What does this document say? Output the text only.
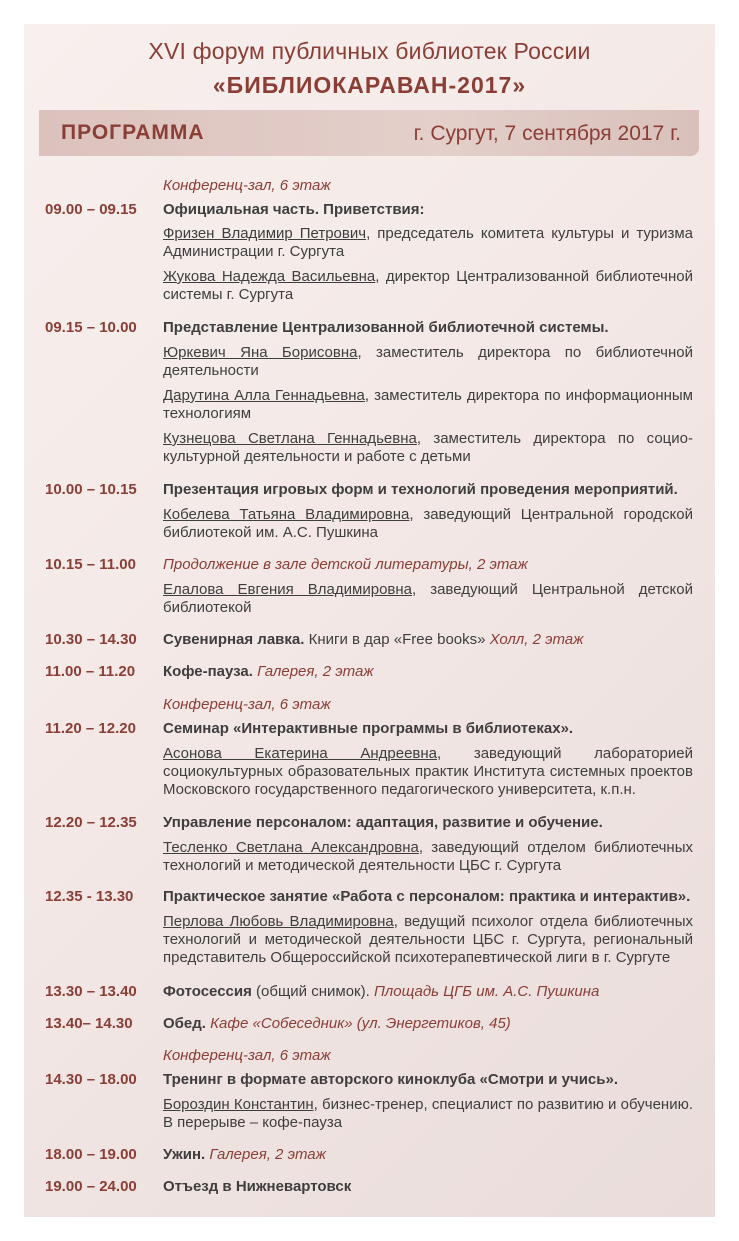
XVI форум публичных библиотек России
«БИБЛИОКАРАВАН-2017»
ПРОГРАММА	г. Сургут, 7 сентября 2017 г.
Конференц-зал, 6 этаж
09.00 – 09.15 Официальная часть. Приветствия:
Фризен Владимир Петрович, председатель комитета культуры и туризма Администрации г. Сургута
Жукова Надежда Васильевна, директор Централизованной библиотечной системы г. Сургута
09.15 – 10.00 Представление Централизованной библиотечной системы.
Юркевич Яна Борисовна, заместитель директора по библиотечной деятельности
Дарутина Алла Геннадьевна, заместитель директора по информационным технологиям
Кузнецова Светлана Геннадьевна, заместитель директора по социо-культурной деятельности и работе с детьми
10.00 – 10.15 Презентация игровых форм и технологий проведения мероприятий.
Кобелева Татьяна Владимировна, заведующий Центральной городской библиотекой им. А.С. Пушкина
10.15 – 11.00 Продолжение в зале детской литературы, 2 этаж
Елалова Евгения Владимировна, заведующий Центральной детской библиотекой
10.30 – 14.30 Сувенирная лавка. Книги в дар «Free books» Холл, 2 этаж
11.00 – 11.20 Кофе-пауза. Галерея, 2 этаж
Конференц-зал, 6 этаж
11.20 – 12.20 Семинар «Интерактивные программы в библиотеках».
Асонова Екатерина Андреевна, заведующий лабораторией социокультурных образовательных практик Института системных проектов Московского государственного педагогического университета, к.п.н.
12.20 – 12.35 Управление персоналом: адаптация, развитие и обучение.
Тесленко Светлана Александровна, заведующий отделом библиотечных технологий и методической деятельности ЦБС г. Сургута
12.35 - 13.30 Практическое занятие «Работа с персоналом: практика и интерактив».
Перлова Любовь Владимировна, ведущий психолог отдела библиотечных технологий и методической деятельности ЦБС г. Сургута, региональный представитель Общероссийской психотерапевтической лиги в г. Сургуте
13.30 – 13.40 Фотосессия (общий снимок). Площадь ЦГБ им. А.С. Пушкина
13.40– 14.30 Обед. Кафе «Собеседник» (ул. Энергетиков, 45)
Конференц-зал, 6 этаж
14.30 – 18.00 Тренинг в формате авторского киноклуба «Смотри и учись».
Бороздин Константин, бизнес-тренер, специалист по развитию и обучению. В перерыве – кофе-пауза
18.00 – 19.00 Ужин. Галерея, 2 этаж
19.00 – 24.00 Отъезд в Нижневартовск
